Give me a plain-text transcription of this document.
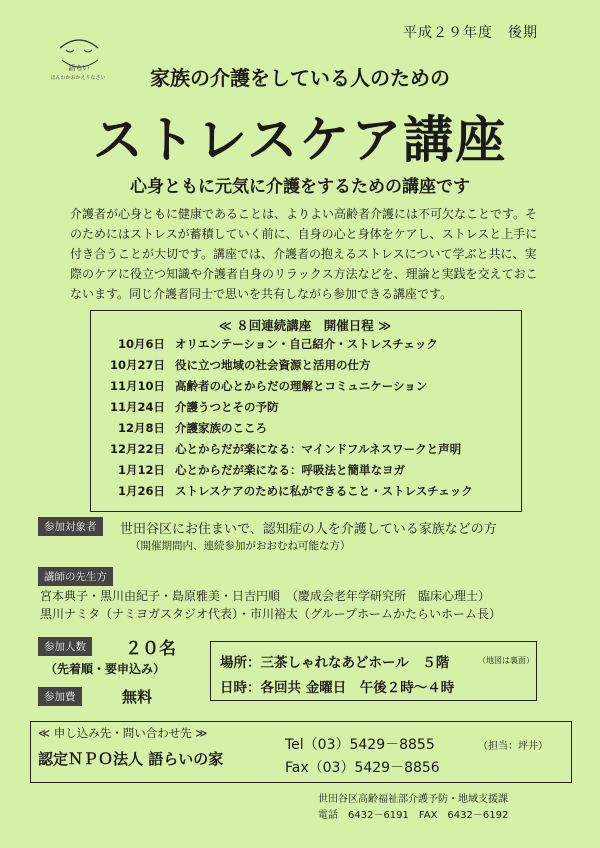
平成２９年度　後期
語らい
ほんわかおかえりなさい	家族の介護をしている人のための
ストレスケア講座
心身ともに元気に介護をするための講座です
介護者が心身ともに健康であることは、よりよい高齢者介護には不可欠なことです。そのためにはストレスが蓄積していく前に、自身の心と身体をケアし、ストレスと上手に付き合うことが大切です。講座では、介護者の抱えるストレスについて学ぶと共に、実際のケアに役立つ知識や介護者自身のリラックス方法などを、理論と実践を交えておこないます。同じ介護者同士で思いを共有しながら参加できる講座です。
≪ ８回連続講座　開催日程 ≫
10月6日 オリエンテーション・自己紹介・ストレスチェック
10月27日 役に立つ地域の社会資源と活用の仕方
11月10日 高齢者の心とからだの理解とコミュニケーション
11月24日 介護うつとその予防
12月8日 介護家族のこころ
12月22日 心とからだが楽になる：マインドフルネスワークと声明
1月12日 心とからだが楽になる：呼吸法と簡単なヨガ
1月26日 ストレスケアのために私ができること・ストレスチェック
参加対象者	世田谷区にお住まいで、認知症の人を介護している家族などの方
（開催期間内、連続参加がおおむね可能な方）
講師の先生方
宮本典子・黒川由紀子・島原雅美・日吉円順　（慶成会老年学研究所　臨床心理士）
黒川ナミタ（ナミヨガスタジオ代表）・市川裕太（グループホームかたらいホーム長）
参加人数	２０名
（先着順・要申込み）
参加費	無料
場所：三茶しゃれなあどホール　５階	（地図は裏面）
日時：各回共 金曜日　午後２時～４時
≪ 申し込み先・問い合わせ先 ≫
認定ＮＰＯ法人 語らいの家
Tel（03）5429－8855	（担当：坪井）
Fax（03）5429－8856
世田谷区高齢福祉部介護予防・地域支援課
電話　6432－6191　FAX　6432－6192
